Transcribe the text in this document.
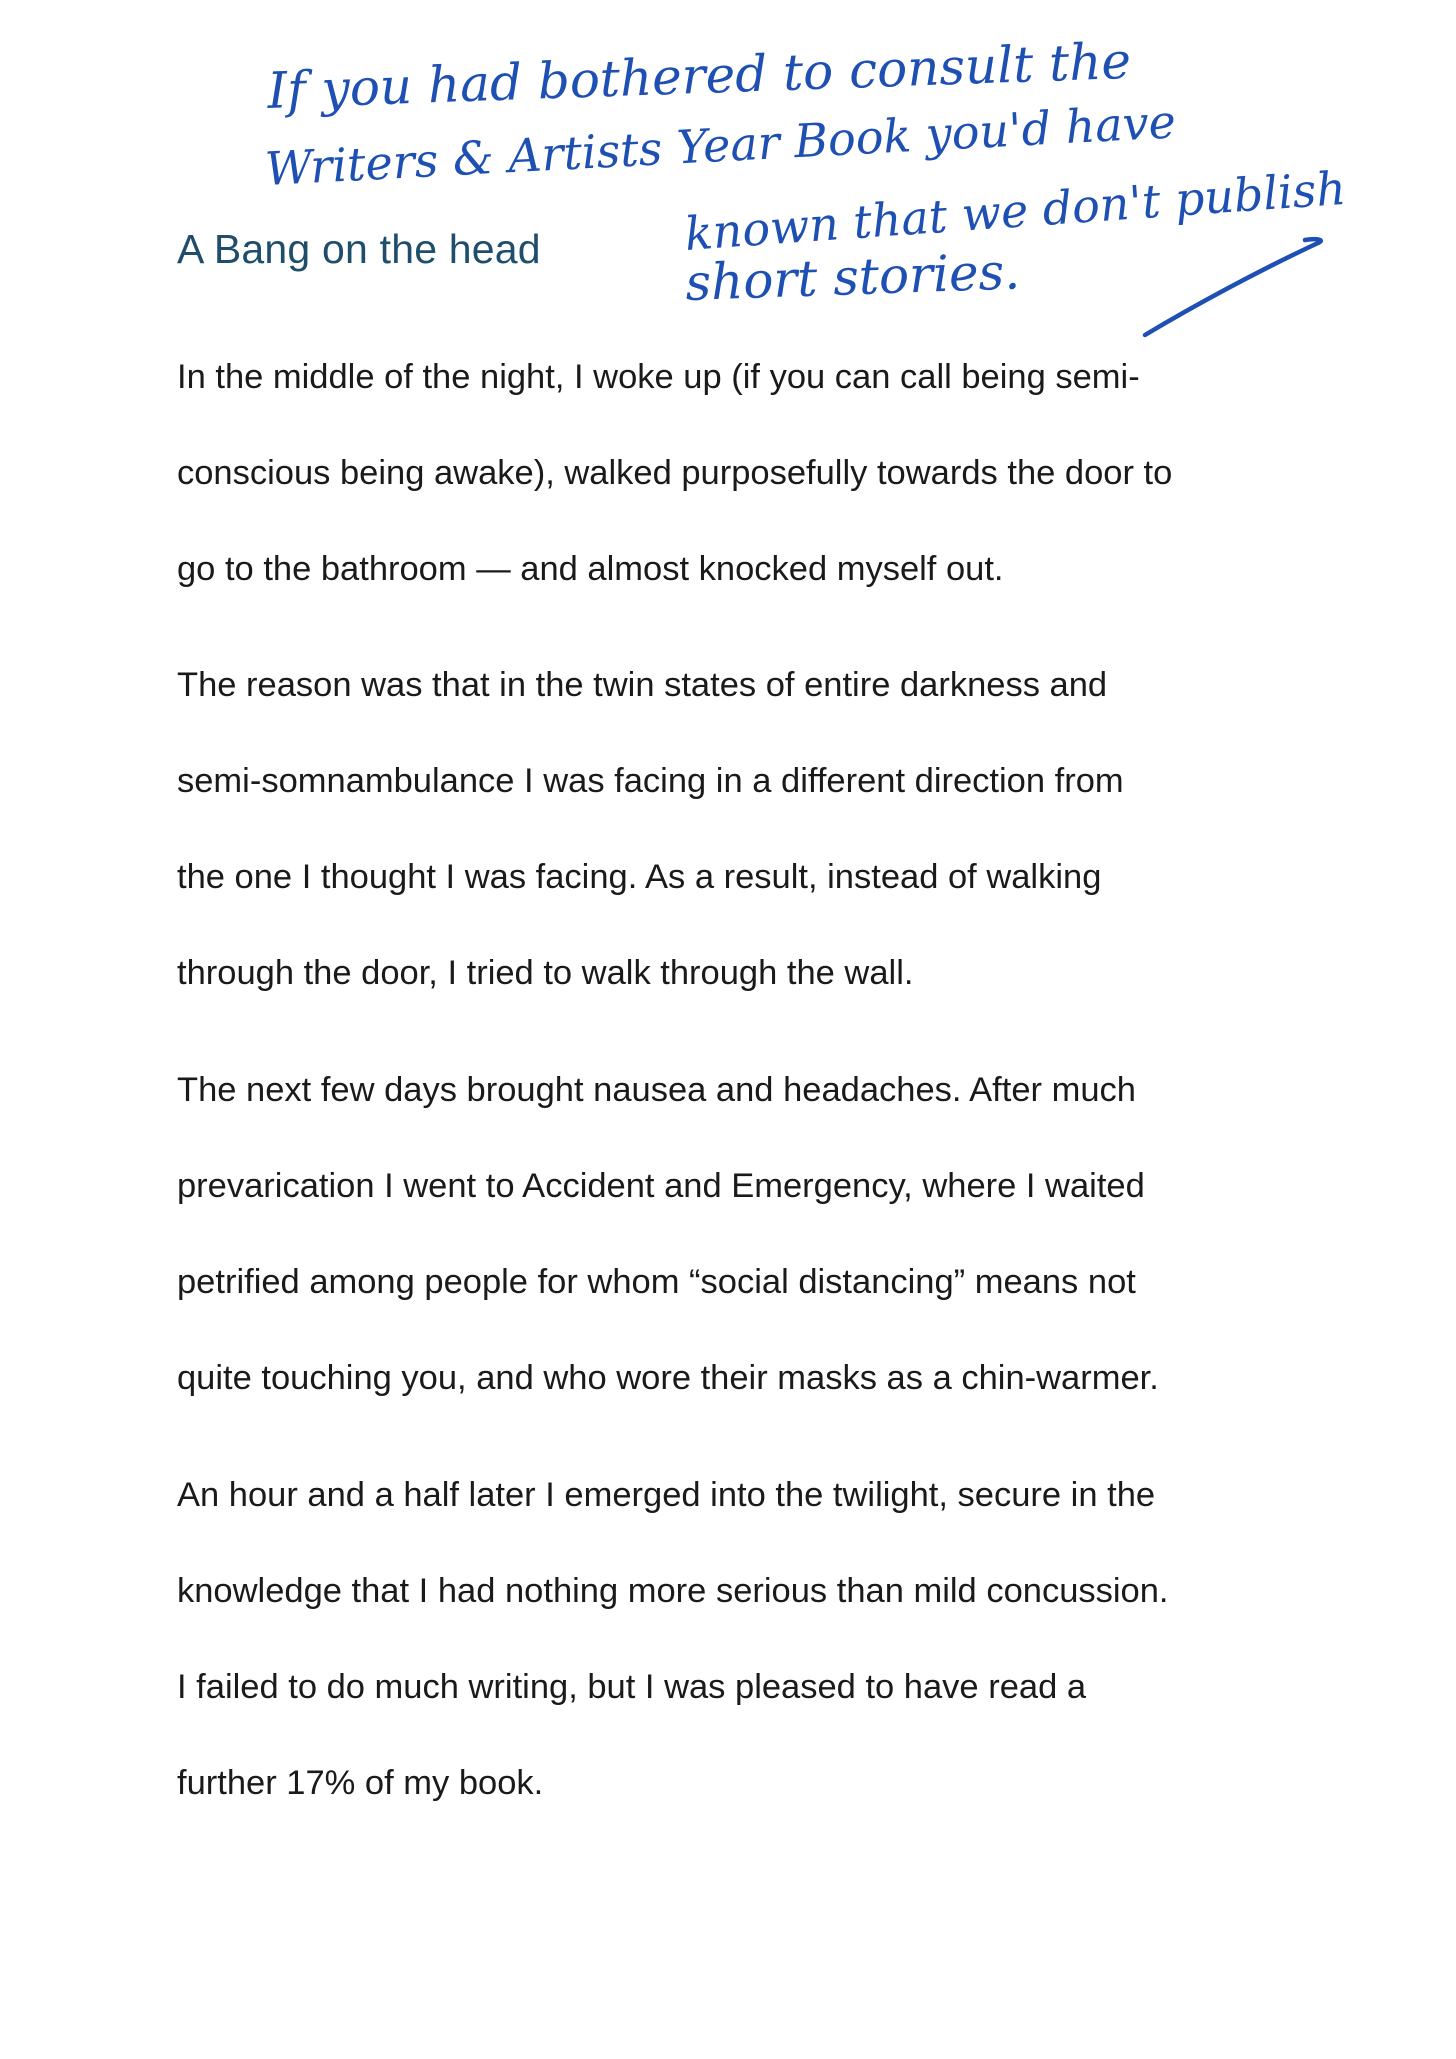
If you had bothered to consult the
Writers & Artists Year Book you'd have
known that we don't publish
short stories.
A Bang on the head

In the middle of the night, I woke up (if you can call being semi-
conscious being awake), walked purposefully towards the door to
go to the bathroom — and almost knocked myself out.

The reason was that in the twin states of entire darkness and
semi-somnambulance I was facing in a different direction from
the one I thought I was facing. As a result, instead of walking
through the door, I tried to walk through the wall.

The next few days brought nausea and headaches. After much
prevarication I went to Accident and Emergency, where I waited
petrified among people for whom “social distancing” means not
quite touching you, and who wore their masks as a chin-warmer.

An hour and a half later I emerged into the twilight, secure in the
knowledge that I had nothing more serious than mild concussion.
I failed to do much writing, but I was pleased to have read a
further 17% of my book.
